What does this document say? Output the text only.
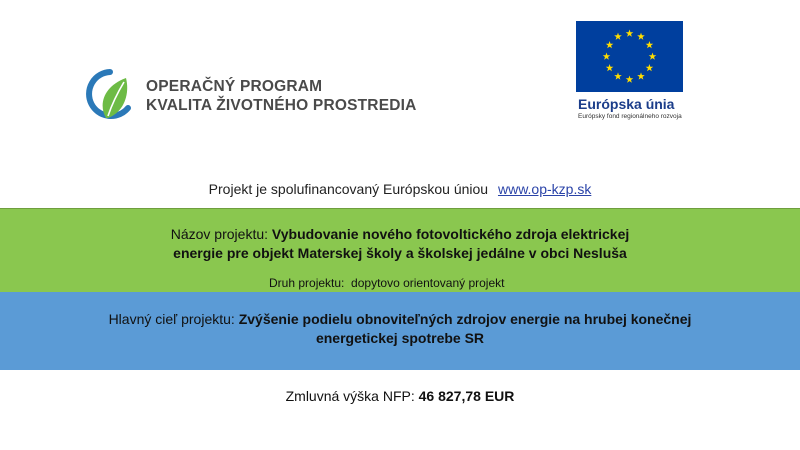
OPERAČNÝ PROGRAM
KVALITA ŽIVOTNÉHO PROSTREDIA	Európska únia
Európsky fond regionálneho rozvoja
Projekt je spolufinancovaný Európskou úniou www.op-kzp.sk
Názov projektu: Vybudovanie nového fotovoltického zdroja elektrickej
energie pre objekt Materskej školy a školskej jedálne v obci Nesluša
Druh projektu: dopytovo orientovaný projekt
Hlavný cieľ projektu: Zvýšenie podielu obnoviteľných zdrojov energie na hrubej konečnej
energetickej spotrebe SR
Zmluvná výška NFP: 46 827,78 EUR
